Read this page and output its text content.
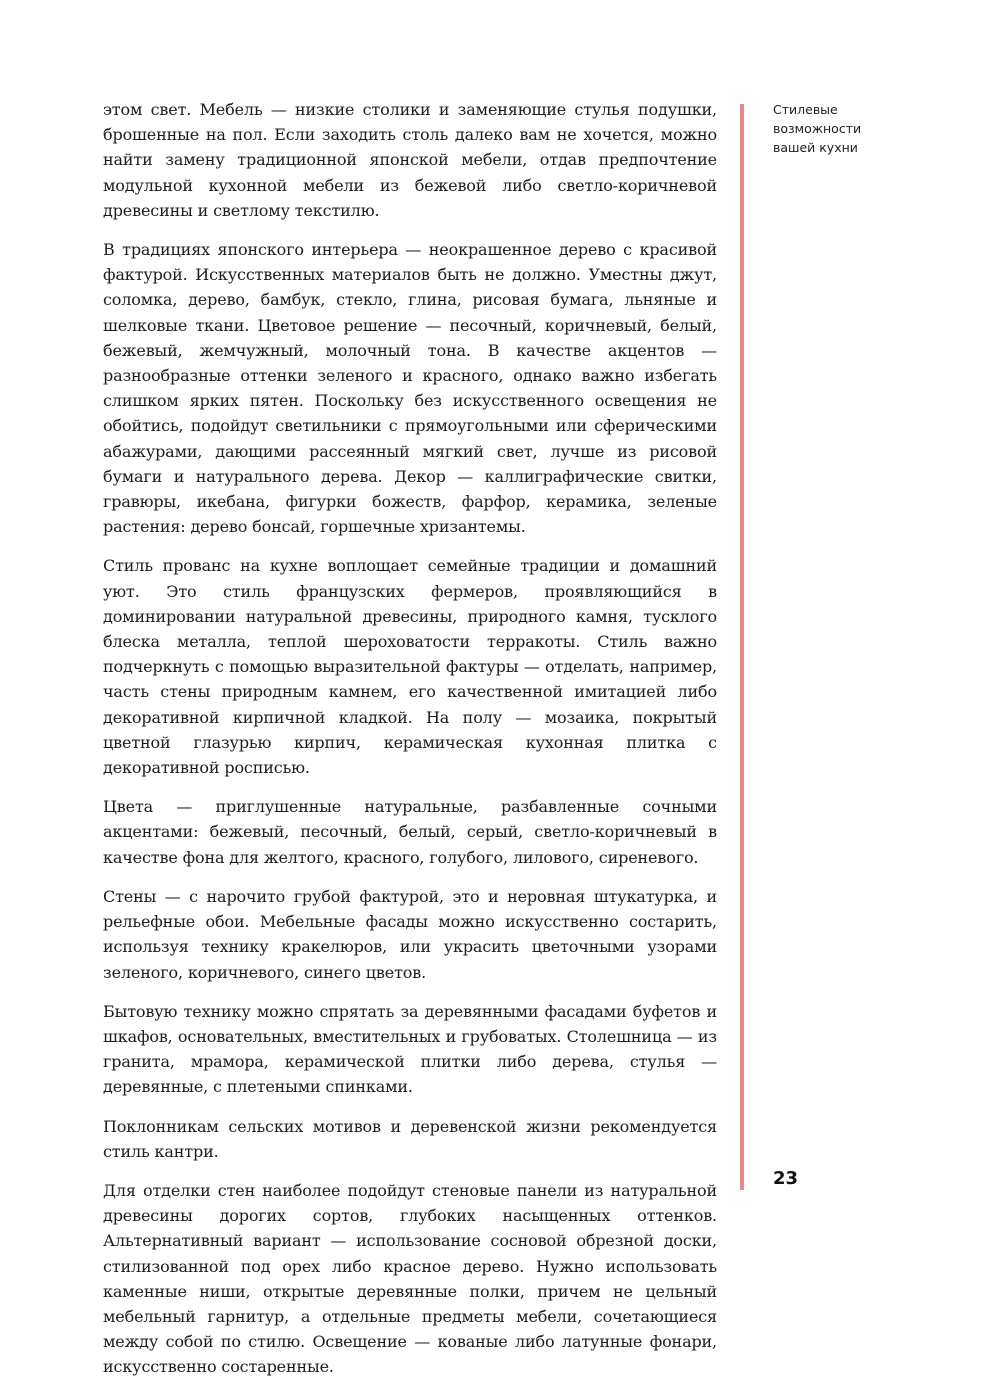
этом свет. Мебель — низкие столики и заменяющие стулья подушки, брошенные на пол. Если заходить столь далеко вам не хочется, можно найти замену традиционной японской мебели, отдав предпочтение модульной кухонной мебели из бежевой либо светло-коричневой древесины и светлому текстилю.

В традициях японского интерьера — неокрашенное дерево с красивой фактурой. Искусственных материалов быть не должно. Уместны джут, соломка, дерево, бамбук, стекло, глина, рисовая бумага, льняные и шелковые ткани. Цветовое решение — песочный, коричневый, белый, бежевый, жемчужный, молочный тона. В качестве акцентов — разнообразные оттенки зеленого и красного, однако важно избегать слишком ярких пятен. Поскольку без искусственного освещения не обойтись, подойдут светильники с прямоугольными или сферическими абажурами, дающими рассеянный мягкий свет, лучше из рисовой бумаги и натурального дерева. Декор — каллиграфические свитки, гравюры, икебана, фигурки божеств, фарфор, керамика, зеленые растения: дерево бонсай, горшечные хризантемы.

Стиль прованс на кухне воплощает семейные традиции и домашний уют. Это стиль французских фермеров, проявляющийся в доминировании натуральной древесины, природного камня, тусклого блеска металла, теплой шероховатости терракоты. Стиль важно подчеркнуть с помощью выразительной фактуры — отделать, например, часть стены природным камнем, его качественной имитацией либо декоративной кирпичной кладкой. На полу — мозаика, покрытый цветной глазурью кирпич, керамическая кухонная плитка с декоративной росписью.

Цвета — приглушенные натуральные, разбавленные сочными акцентами: бежевый, песочный, белый, серый, светло-коричневый в качестве фона для желтого, красного, голубого, лилового, сиреневого.

Стены — с нарочито грубой фактурой, это и неровная штукатурка, и рельефные обои. Мебельные фасады можно искусственно состарить, используя технику кракелюров, или украсить цветочными узорами зеленого, коричневого, синего цветов.

Бытовую технику можно спрятать за деревянными фасадами буфетов и шкафов, основательных, вместительных и грубоватых. Столешница — из гранита, мрамора, керамической плитки либо дерева, стулья — деревянные, с плетеными спинками.

Поклонникам сельских мотивов и деревенской жизни рекомендуется стиль кантри.

Для отделки стен наиболее подойдут стеновые панели из натуральной древесины дорогих сортов, глубоких насыщенных оттенков. Альтернативный вариант — использование сосновой обрезной доски, стилизованной под орех либо красное дерево. Нужно использовать каменные ниши, открытые деревянные полки, причем не цельный мебельный гарнитур, а отдельные предметы мебели, сочетающиеся между собой по стилю. Освещение — кованые либо латунные фонари, искусственно состаренные.

Стилевые возможности
вашей кухни
23
